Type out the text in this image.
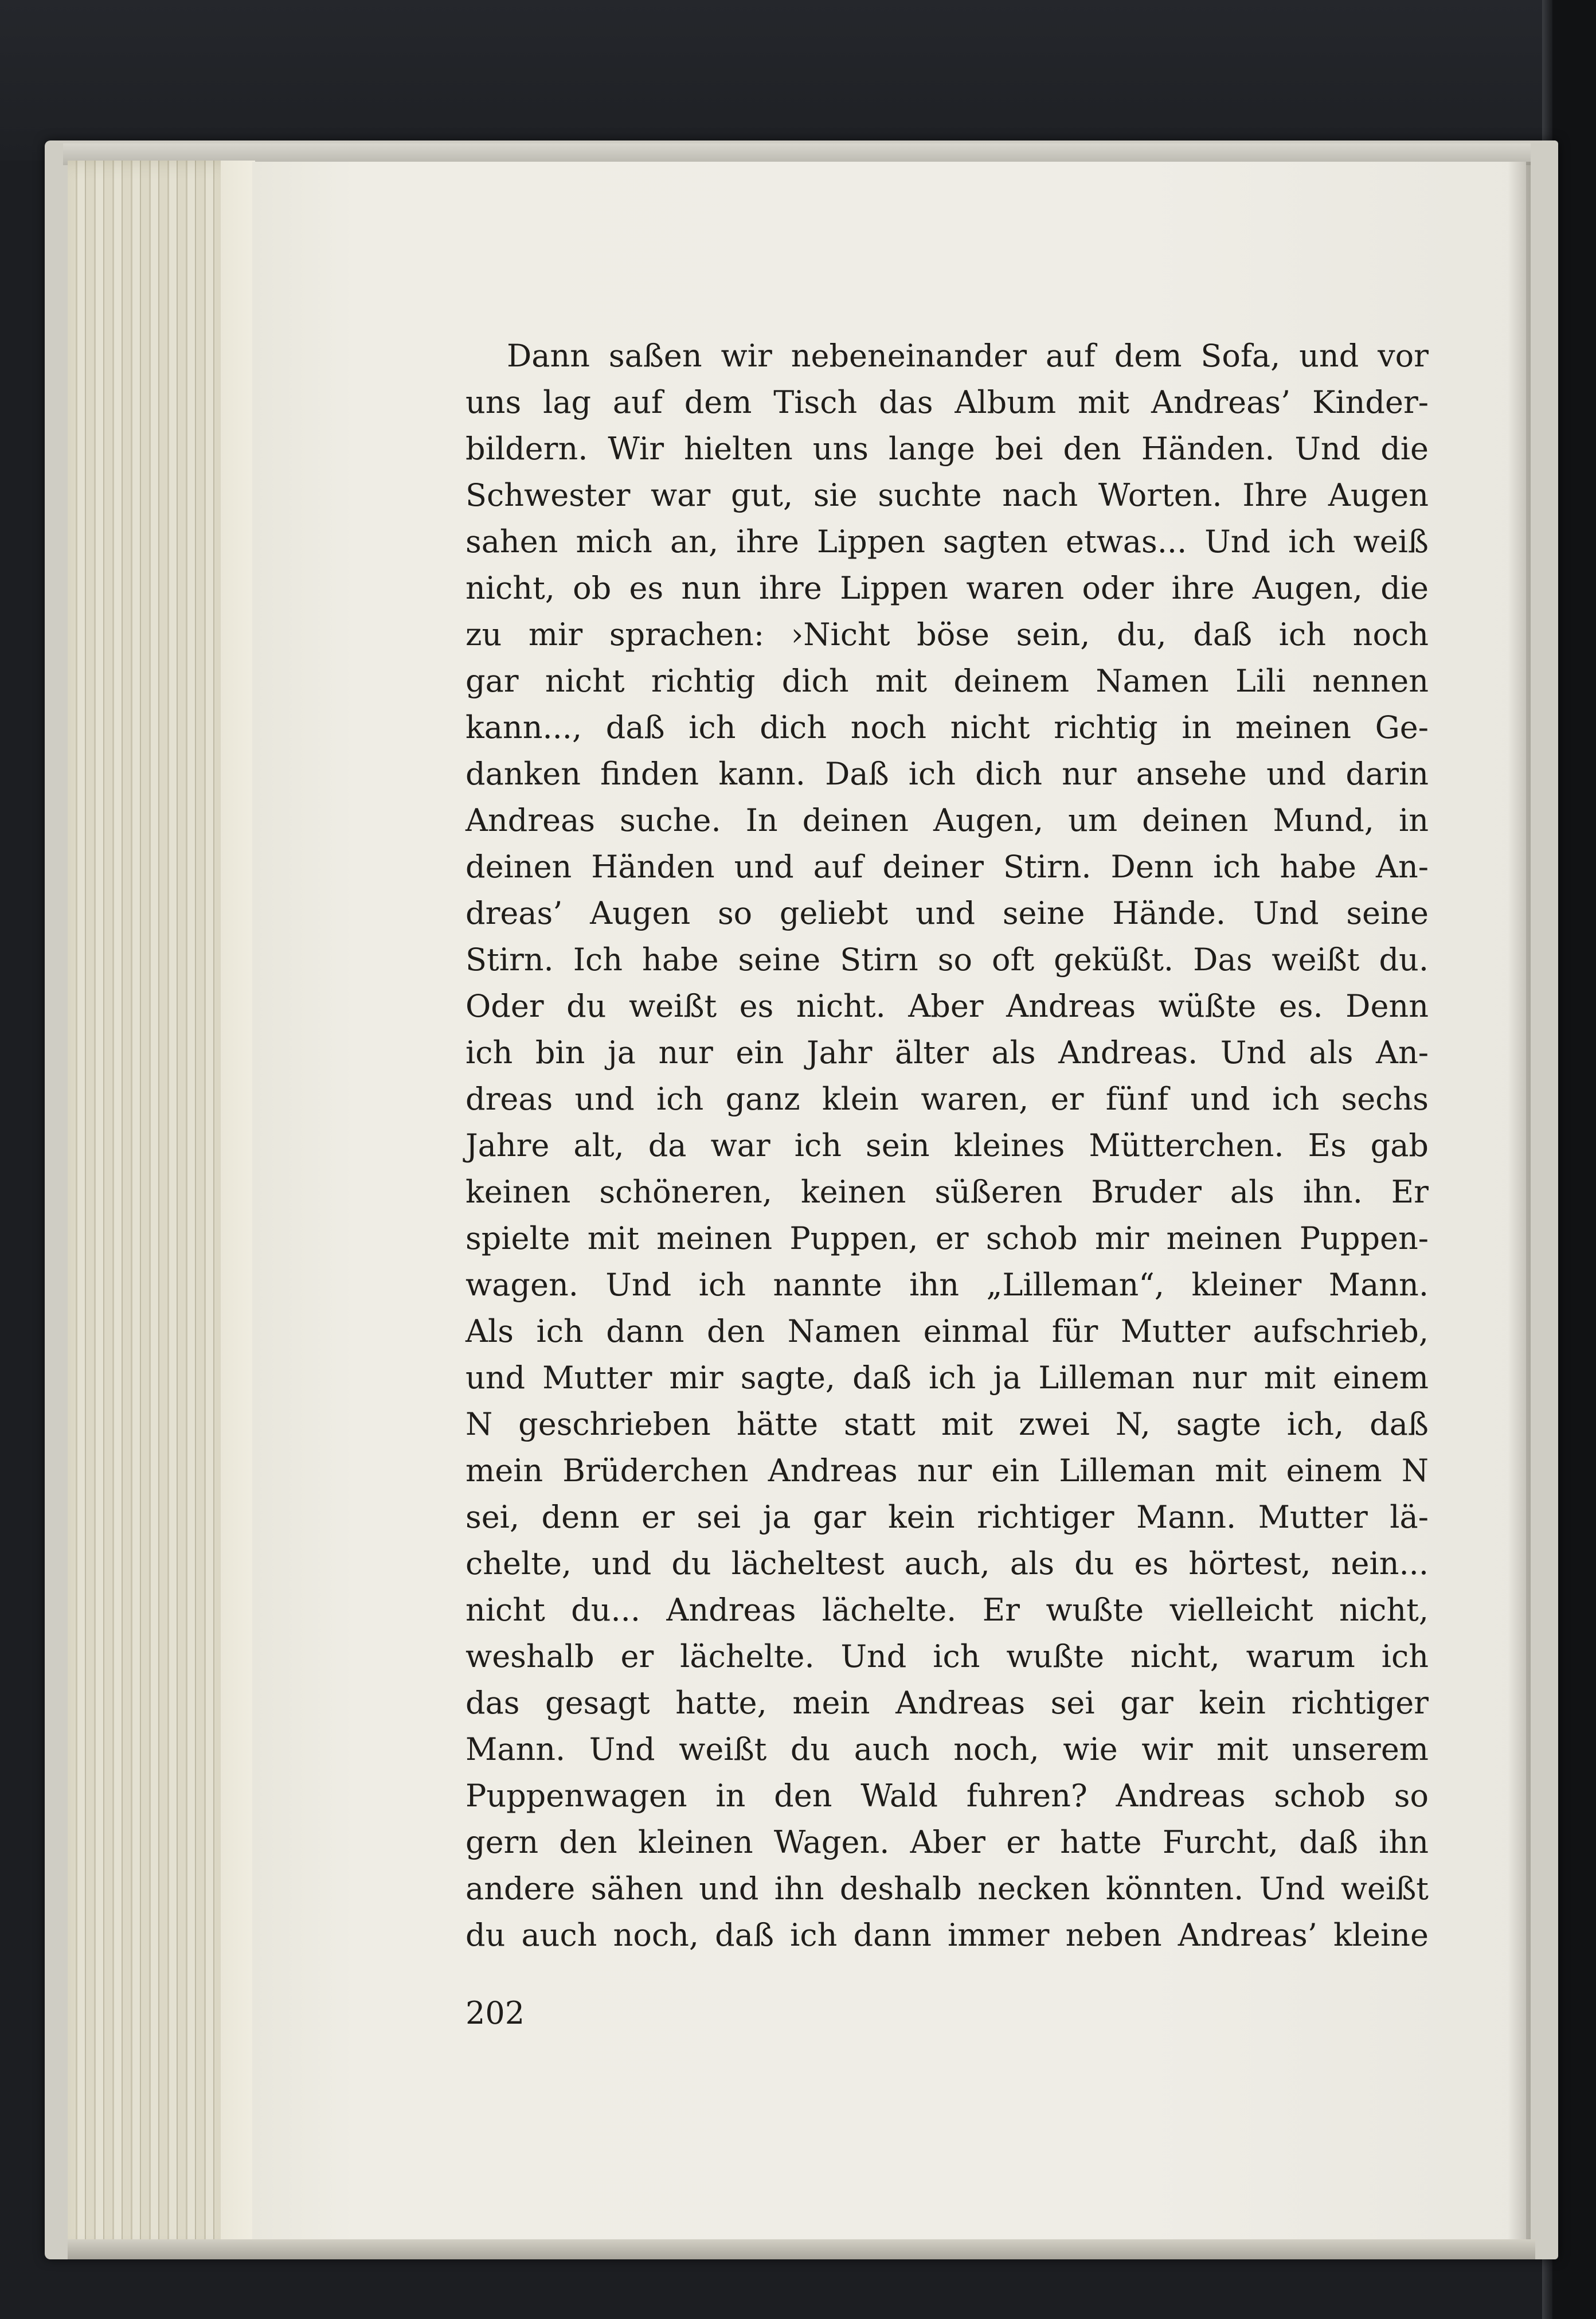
Dann saßen wir nebeneinander auf dem Sofa, und vor
uns lag auf dem Tisch das Album mit Andreas’ Kinder-
bildern. Wir hielten uns lange bei den Händen. Und die
Schwester war gut, sie suchte nach Worten. Ihre Augen
sahen mich an, ihre Lippen sagten etwas... Und ich weiß
nicht, ob es nun ihre Lippen waren oder ihre Augen, die
zu mir sprachen: ›Nicht böse sein, du, daß ich noch
gar nicht richtig dich mit deinem Namen Lili nennen
kann..., daß ich dich noch nicht richtig in meinen Ge-
danken finden kann. Daß ich dich nur ansehe und darin
Andreas suche. In deinen Augen, um deinen Mund, in
deinen Händen und auf deiner Stirn. Denn ich habe An-
dreas’ Augen so geliebt und seine Hände. Und seine
Stirn. Ich habe seine Stirn so oft geküßt. Das weißt du.
Oder du weißt es nicht. Aber Andreas wüßte es. Denn
ich bin ja nur ein Jahr älter als Andreas. Und als An-
dreas und ich ganz klein waren, er fünf und ich sechs
Jahre alt, da war ich sein kleines Mütterchen. Es gab
keinen schöneren, keinen süßeren Bruder als ihn. Er
spielte mit meinen Puppen, er schob mir meinen Puppen-
wagen. Und ich nannte ihn „Lilleman“, kleiner Mann.
Als ich dann den Namen einmal für Mutter aufschrieb,
und Mutter mir sagte, daß ich ja Lilleman nur mit einem
N geschrieben hätte statt mit zwei N, sagte ich, daß
mein Brüderchen Andreas nur ein Lilleman mit einem N
sei, denn er sei ja gar kein richtiger Mann. Mutter lä-
chelte, und du lächeltest auch, als du es hörtest, nein...
nicht du... Andreas lächelte. Er wußte vielleicht nicht,
weshalb er lächelte. Und ich wußte nicht, warum ich
das gesagt hatte, mein Andreas sei gar kein richtiger
Mann. Und weißt du auch noch, wie wir mit unserem
Puppenwagen in den Wald fuhren? Andreas schob so
gern den kleinen Wagen. Aber er hatte Furcht, daß ihn
andere sähen und ihn deshalb necken könnten. Und weißt
du auch noch, daß ich dann immer neben Andreas’ kleine
202
